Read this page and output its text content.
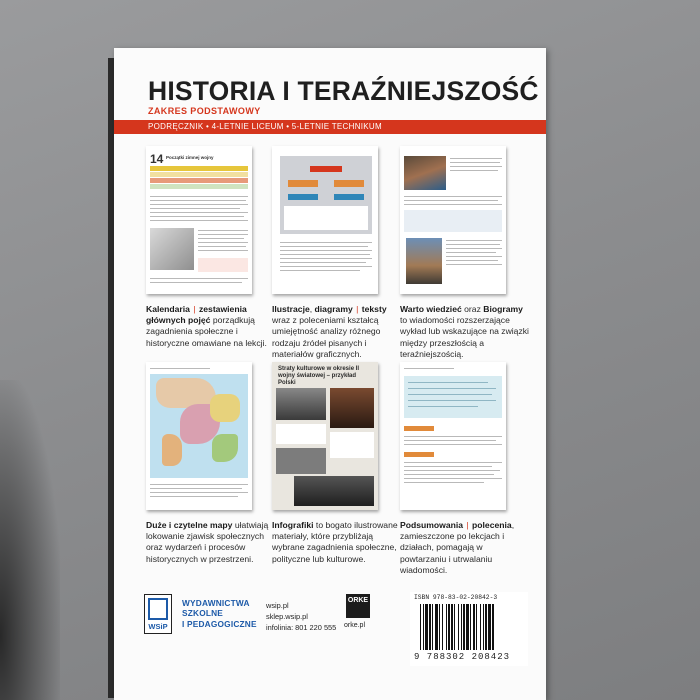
HISTORIA I TERAŹNIEJSZOŚĆ
ZAKRES PODSTAWOWY
PODRĘCZNIK • 4-LETNIE LICEUM • 5-LETNIE TECHNIKUM
14 Początki zimnej wojny
Kalendaria | zestawienia głównych pojęć porządkują zagadnienia społeczne i historyczne omawiane na lekcji.
Ilustracje, diagramy | teksty wraz z poleceniami kształcą umiejętność analizy różnego rodzaju źródeł pisanych i materiałów graficznych.
Warto wiedzieć oraz Biogramy to wiadomości rozszerzające wykład lub wskazujące na związki między przeszłością a teraźniejszością.
Straty kulturowe w okresie II wojny światowej – przykład Polski
Duże i czytelne mapy ułatwiają lokowanie zjawisk społecznych oraz wydarzeń i procesów historycznych w przestrzeni.
Infografiki to bogato ilustrowane materiały, które przybliżają wybrane zagadnienia społeczne, polityczne lub kulturowe.
Podsumowania | polecenia, zamieszczone po lekcjach i działach, pomagają w powtarzaniu i utrwalaniu wiadomości.
WSiP
WYDAWNICTWA
SZKOLNE
I PEDAGOGICZNE
wsip.pl
sklep.wsip.pl
infolinia: 801 220 555
ORKE
orke.pl
ISBN 978-83-02-20842-3
9 788302 208423
